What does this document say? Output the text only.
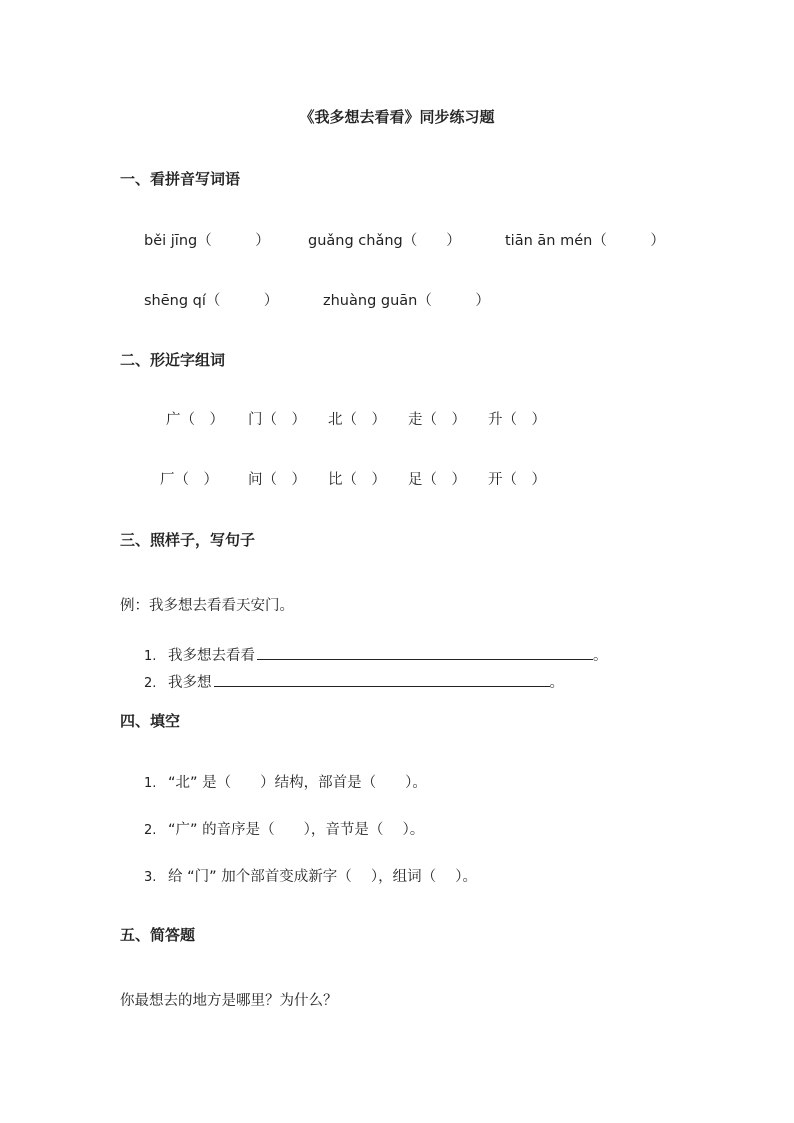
《我多想去看看》同步练习题
一、看拼音写词语
běi jīng （　　　）	guǎng chǎng （　　）	tiān ān mén （　　　）
shēng qí （　　　）	zhuàng guān （　　　）
二、形近字组词
广（　） 门（　） 北（　） 走（　） 升（　）
厂（　） 问（　） 比（　） 足（　） 开（　）
三、照样子，写句子
例：我多想去看看天安门。
1. 我多想去看看	。
2. 我多想	。
四、填空
1. “北” 是（　　）结构，部首是（　　）。
2. “广” 的音序是（　　），音节是（　 ）。
3. 给 “门” 加个部首变成新字（　 ），组词（　 ）。
五、简答题
你最想去的地方是哪里？为什么？
